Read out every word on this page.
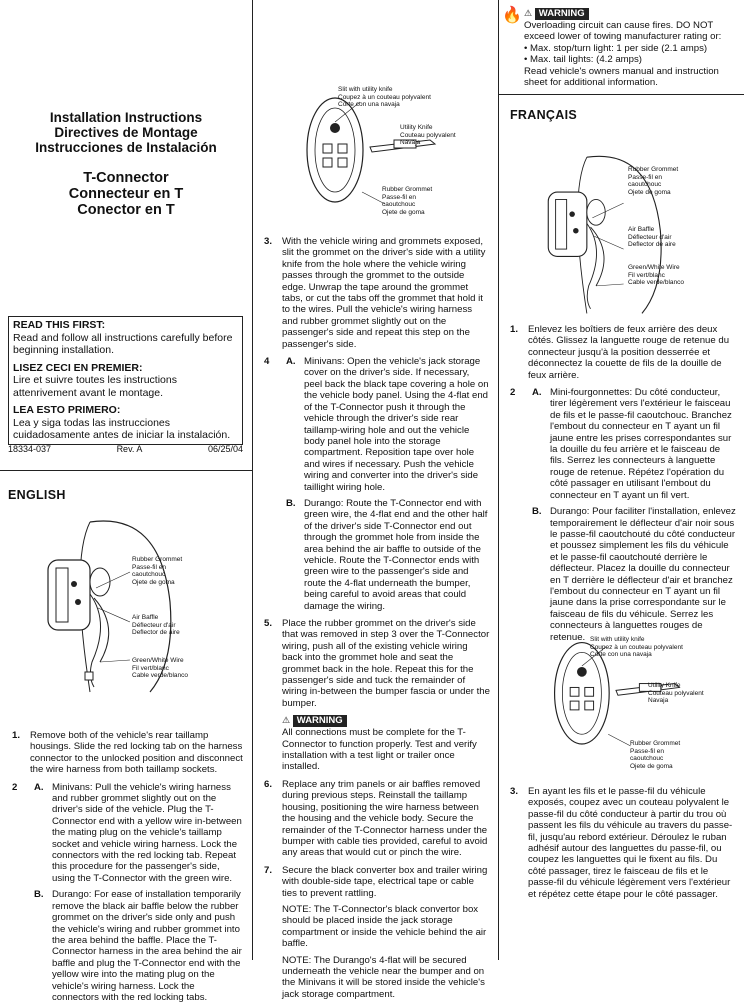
Installation Instructions
Directives de Montage
Instrucciones de Instalación
T-Connector
Connecteur en T
Conector en T
READ THIS FIRST:
Read and follow all instructions carefully before beginning installation.
LISEZ CECI EN PREMIER:
Lire et suivre toutes les instructions attenrivement avant le montage.
LEA ESTO PRIMERO:
Lea y siga todas las instrucciones cuidadosamente antes de iniciar la instalación.
18334-037	Rev. A	06/25/04
ENGLISH
Rubber Grommet
Passe-fil en
caoutchouc
Ojete de goma
Air Baffle
Déflecteur d'air
Deflector de aire
Green/White Wire
Fil vert/blanc
Cable verde/blanco
1. Remove both of the vehicle's rear taillamp housings. Slide the red locking tab on the harness connector to the unlocked position and disconnect the wire harness from both taillamp sockets.
2 A. Minivans: Pull the vehicle's wiring harness and rubber grommet slightly out on the driver's side of the vehicle. Plug the T-Connector end with a yellow wire in-between the mating plug on the vehicle's taillamp socket and vehicle wiring harness. Lock the connectors with the red locking tab. Repeat this procedure for the passenger's side, using the T-Connector with the green wire.
B. Durango: For ease of installation temporarily remove the black air baffle below the rubber grommet on the driver's side only and push the vehicle's wiring and rubber grommet into the area behind the baffle. Place the T-Connector harness in the area behind the air baffle and plug the T-Connector end with the yellow wire into the mating plug on the vehicle's wiring harness. Lock the connectors with the red locking tabs.
Slit with utility knife
Coupez à un couteau polyvalent
Corte con una navaja
Utility Knife
Couteau polyvalent
Navaja
Rubber Grommet
Passe-fil en
caoutchouc
Ojete de goma
3. With the vehicle wiring and grommets exposed, slit the grommet on the driver's side with a utility knife from the hole where the vehicle wiring passes through the grommet to the outside edge. Unwrap the tape around the grommet tabs, or cut the tabs off the grommet that hold it to the wires. Pull the vehicle's wiring harness and rubber grommet slightly out on the passenger's side and repeat this step on the passenger's side.
4 A. Minivans: Open the vehicle's jack storage cover on the driver's side. If necessary, peel back the black tape covering a hole on the vehicle body panel. Using the 4-flat end of the T-Connector push it through the vehicle through the driver's side rear taillamp-wiring hole and out the vehicle body panel hole into the storage compartment. Reposition tape over hole and wires if necessary. Push the vehicle wiring and converter into the driver's side taillight wiring hole.
B. Durango: Route the T-Connector end with green wire, the 4-flat end and the other half of the driver's side T-Connector end out through the grommet hole from inside the area behind the air baffle to outside of the vehicle. Route the T-Connector ends with green wire to the passenger's side and route the 4-flat underneath the bumper, being careful to avoid areas that could damage the wiring.
5. Place the rubber grommet on the driver's side that was removed in step 3 over the T-Connector wiring, push all of the existing vehicle wiring back into the grommet hole and seat the grommet back in the hole. Repeat this for the passenger's side and tuck the remainder of wiring in-between the bumper fascia or under the bumper.
⚠ WARNING
All connections must be complete for the T-Connector to function properly. Test and verify installation with a test light or trailer once installed.
6. Replace any trim panels or air baffles removed during previous steps. Reinstall the taillamp housing, positioning the wire harness between the housing and the vehicle body. Secure the remainder of the T-Connector harness under the bumper with cable ties provided, careful to avoid any areas that would cut or pinch the wire.
7. Secure the black converter box and trailer wiring with double-side tape, electrical tape or cable ties to prevent rattling.
NOTE: The T-Connector's black convertor box should be placed inside the jack storage compartment or inside the vehicle behind the air baffle.
NOTE: The Durango's 4-flat will be secured underneath the vehicle near the bumper and on the Minivans it will be stored inside the vehicle's jack storage compartment.
🔥 ⚠ WARNING
Overloading circuit can cause fires. DO NOT exceed lower of towing manufacturer rating or:
• Max. stop/turn light: 1 per side (2.1 amps)
• Max. tail lights: (4.2 amps)
Read vehicle's owners manual and instruction sheet for additional information.
FRANÇAIS
Rubber Grommet
Passe-fil en
caoutchouc
Ojete de goma
Air Baffle
Déflecteur d'air
Deflector de aire
Green/White Wire
Fil vert/blanc
Cable verde/blanco
1. Enlevez les boîtiers de feux arrière des deux côtés. Glissez la languette rouge de retenue du connecteur jusqu'à la position desserrée et déconnectez la couette de fils de la douille de feux arrière.
2 A. Mini-fourgonnettes: Du côté conducteur, tirer légèrement vers l'extérieur le faisceau de fils et le passe-fil caoutchouc. Branchez l'embout du connecteur en T ayant un fil jaune entre les prises correspondantes sur la douille du feu arrière et le faisceau de fils. Serrez les connecteurs à languette rouge de retenue. Répétez l'opération du côté passager en utilisant l'embout du connecteur en T ayant un fil vert.
B. Durango: Pour faciliter l'installation, enlevez temporairement le déflecteur d'air noir sous le passe-fil caoutchouté du côté conducteur et poussez simplement les fils du véhicule et le passe-fil caoutchouté derrière le déflecteur. Placez la douille du connecteur en T derrière le déflecteur d'air et branchez l'embout du connecteur en T ayant un fil jaune dans la prise correspondante sur le faisceau de fils du véhicule. Serrez les connecteurs à languettes rouges de retenue. Slit with utility knife
Coupez à un couteau polyvalent
Corte con una navaja
Utility Knife
Couteau polyvalent
Navaja
Rubber Grommet
Passe-fil en
caoutchouc
Ojete de goma
3. En ayant les fils et le passe-fil du véhicule exposés, coupez avec un couteau polyvalent le passe-fil du côté conducteur à partir du trou où passent les fils du véhicule au travers du passe-fil, jusqu'au rebord extérieur. Déroulez le ruban adhésif autour des languettes du passe-fil, ou coupez les languettes qui le fixent au fils. Du côté passager, tirez le faisceau de fils et le passe-fil du véhicule légèrement vers l'extérieur et répétez cette étape pour le côté passager.
